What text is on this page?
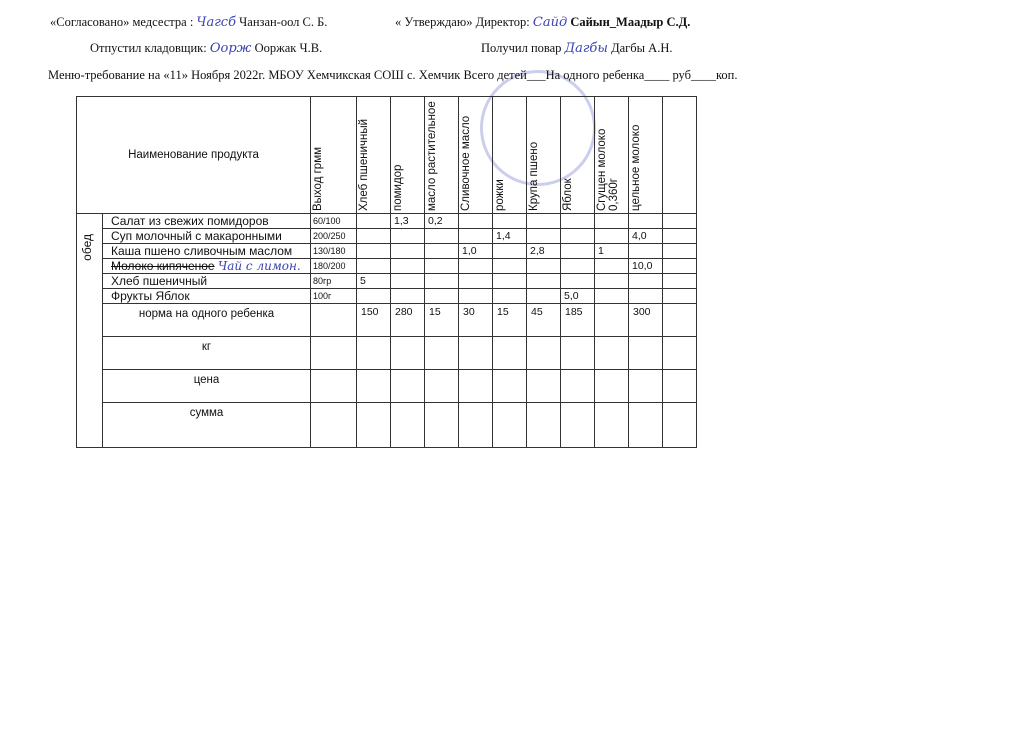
«Согласовано» медсестра : Чагсб Чанзан-оол С. Б.	« Утверждаю» Директор: Сайд Сайын_Маадыр С.Д.
Отпустил кладовщик: Оорж Ооржак Ч.В.	Получил повар Дагбы Дагбы А.Н.
Меню-требование на «11» Ноября 2022г. МБОУ Хемчикская СОШ с. Хемчик Всего детей___На одного ребенка____ руб____коп.
Наименование продукта		Выход грмм	Хлеб пшеничный	помидор	масло растительное	Сливочное масло	рожки	Крупа пшено	Яблок	Сгущен молоко 0,360г	цельное молоко	

обед	Салат из свежих помидоров	60/100		1,3	0,2							
	Суп молочный с макаронными	200/250					1,4				4,0	
	Каша пшено сливочным маслом	130/180				1,0		2,8		1		
	Молоко кипяченое Чай с лимон.	180/200									10,0	
	Хлеб пшеничный	80гр	5									
	Фрукты Яблок	100г							5,0			
	норма на одного ребенка		150	280	15	30	15	45	185		300	
	кг											
	цена											
	сумма											
